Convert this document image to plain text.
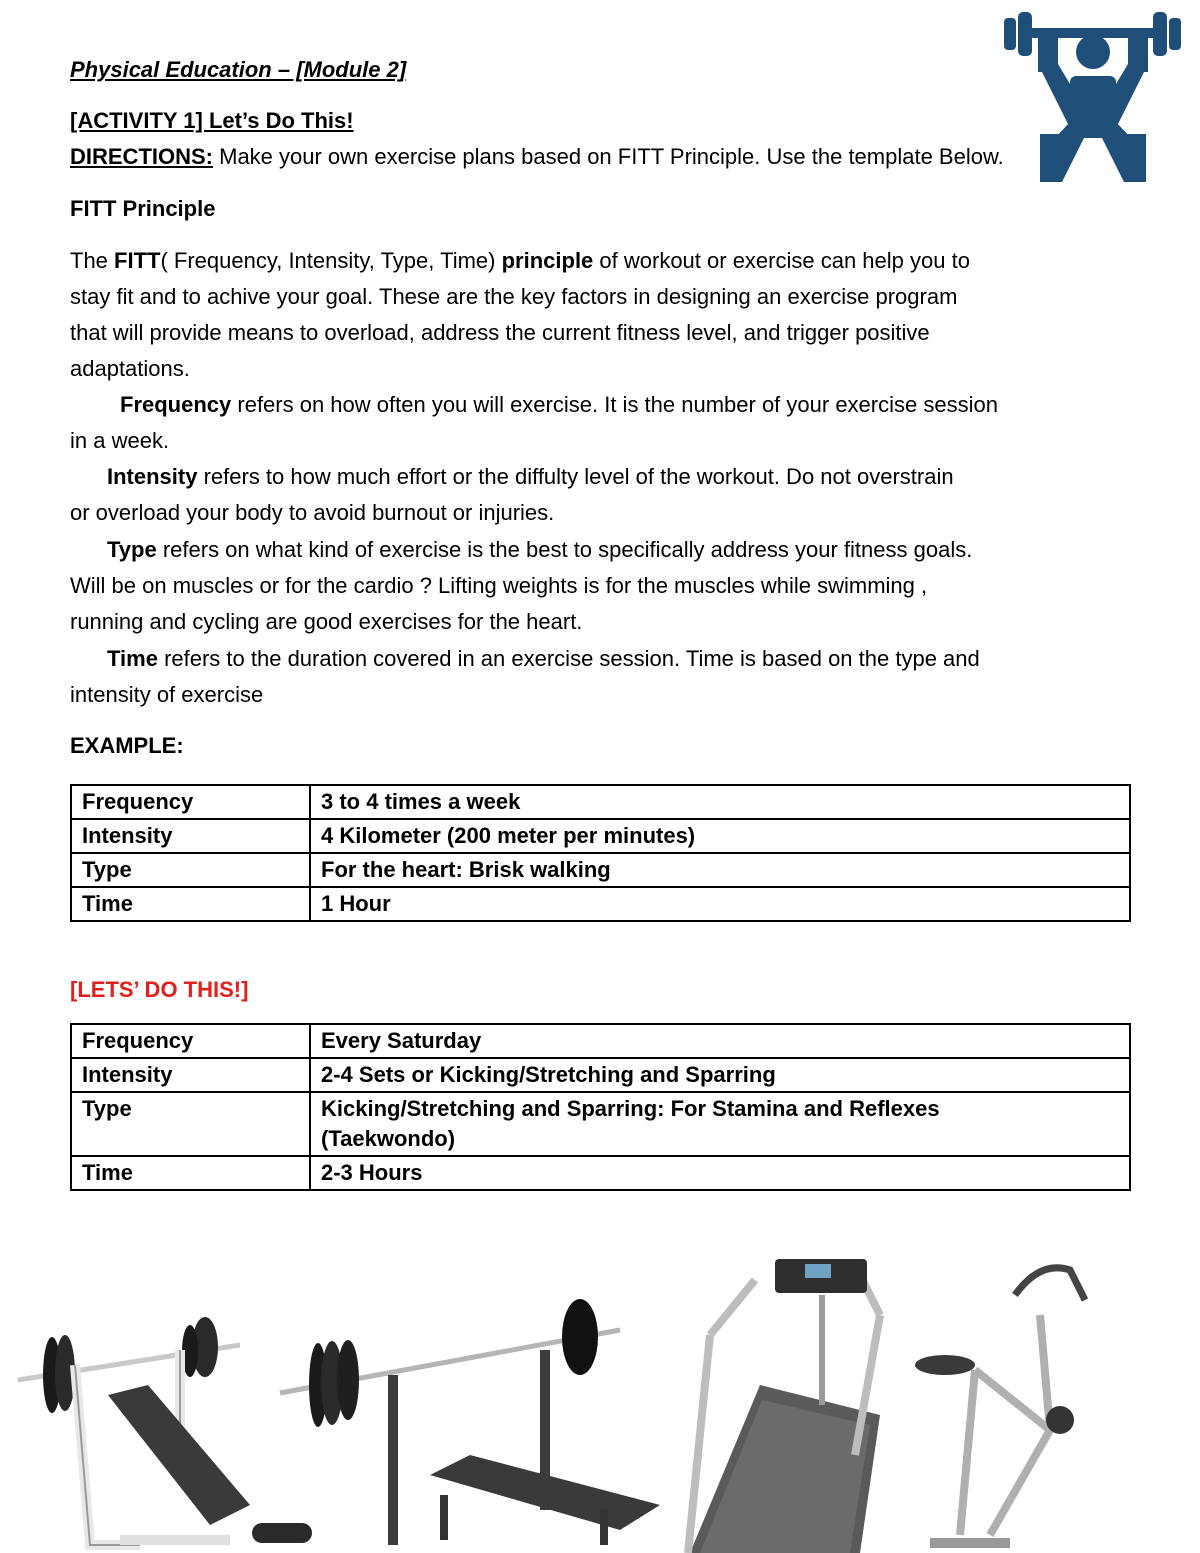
Physical Education – [Module 2]
[ACTIVITY 1] Let’s Do This!
DIRECTIONS: Make your own exercise plans based on FITT Principle. Use the template Below.
FITT Principle
The FITT( Frequency, Intensity, Type, Time) principle of workout or exercise can help you to
stay fit and to achive your goal. These are the key factors in designing an exercise program
that will provide means to overload, address the current fitness level, and trigger positive
adaptations.
Frequency refers on how often you will exercise. It is the number of your exercise session
in a week.
Intensity refers to how much effort or the diffulty level of the workout. Do not overstrain
or overload your body to avoid burnout or injuries.
Type refers on what kind of exercise is the best to specifically address your fitness goals.
Will be on muscles or for the cardio ? Lifting weights is for the muscles while swimming ,
running and cycling are good exercises for the heart.
Time refers to the duration covered in an exercise session. Time is based on the type and
intensity of exercise
EXAMPLE:
Frequency	3 to 4 times a week
Intensity	4 Kilometer (200 meter per minutes)
Type	For the heart: Brisk walking
Time	1 Hour
[LETS’ DO THIS!]
Frequency	Every Saturday
Intensity	2-4 Sets or Kicking/Stretching and Sparring
Type	Kicking/Stretching and Sparring: For Stamina and Reflexes
(Taekwondo)

Time	2-3 Hours
